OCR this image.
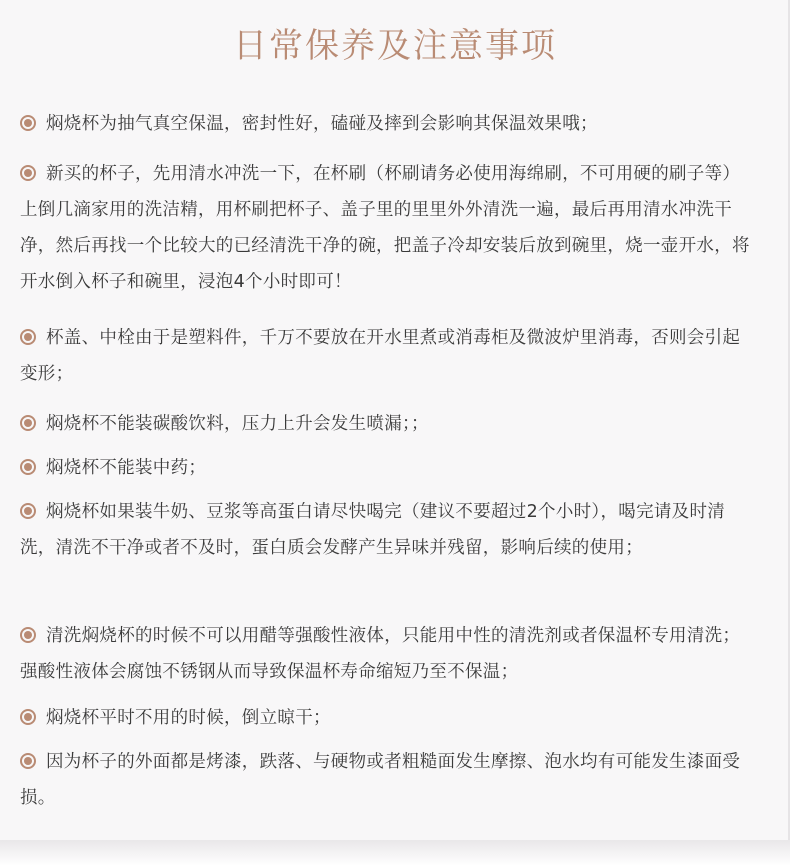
日常保养及注意事项
焖烧杯为抽气真空保温，密封性好，磕碰及摔到会影响其保温效果哦；
新买的杯子，先用清水冲洗一下，在杯刷（杯刷请务必使用海绵刷，不可用硬的刷子等）上倒几滴家用的洗洁精，用杯刷把杯子、盖子里的里里外外清洗一遍，最后再用清水冲洗干净，然后再找一个比较大的已经清洗干净的碗，把盖子冷却安装后放到碗里，烧一壶开水，将开水倒入杯子和碗里，浸泡4个小时即可！
杯盖、中栓由于是塑料件，千万不要放在开水里煮或消毒柜及微波炉里消毒，否则会引起变形；
焖烧杯不能装碳酸饮料，压力上升会发生喷漏；；
焖烧杯不能装中药；
焖烧杯如果装牛奶、豆浆等高蛋白请尽快喝完（建议不要超过2个小时），喝完请及时清洗，清洗不干净或者不及时，蛋白质会发酵产生异味并残留，影响后续的使用；
清洗焖烧杯的时候不可以用醋等强酸性液体，只能用中性的清洗剂或者保温杯专用清洗；强酸性液体会腐蚀不锈钢从而导致保温杯寿命缩短乃至不保温；
焖烧杯平时不用的时候，倒立晾干；
因为杯子的外面都是烤漆，跌落、与硬物或者粗糙面发生摩擦、泡水均有可能发生漆面受损。
